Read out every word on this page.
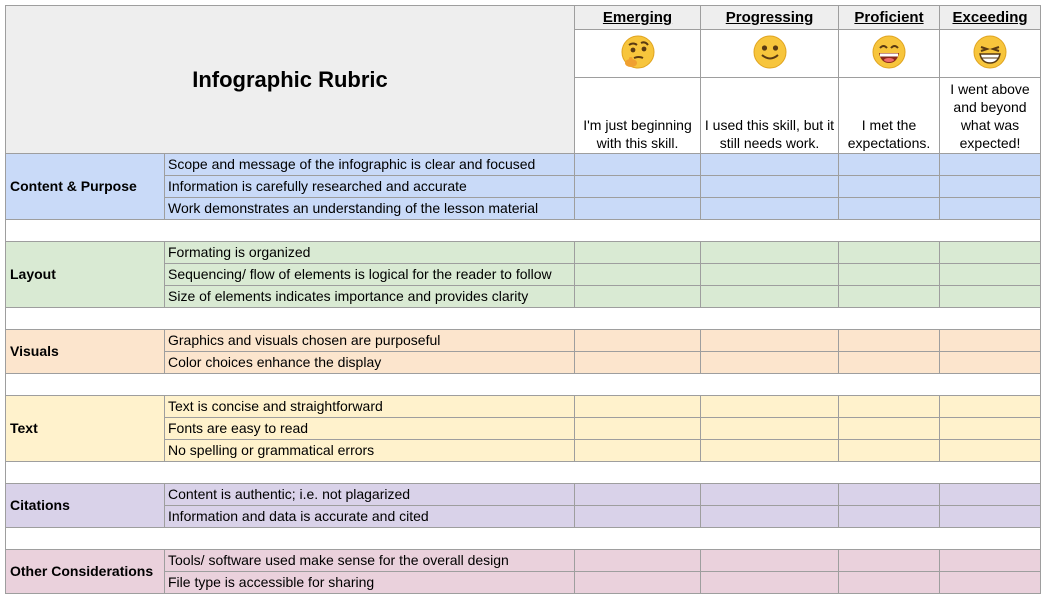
Infographic Rubric		Emerging	Progressing	Proficient	Exceeding

		I'm just beginning with this skill.	I used this skill, but it still needs work.	I met the expectations.	I went above and beyond what was expected!
Content & Purpose	Scope and message of the infographic is clear and focused				
	Information is carefully researched and accurate				
	Work demonstrates an understanding of the lesson material				

Layout	Formating is organized				
	Sequencing/ flow of elements is logical for the reader to follow				
	Size of elements indicates importance and provides clarity				

Visuals	Graphics and visuals chosen are purposeful				
	Color choices enhance the display				

Text	Text is concise and straightforward				
	Fonts are easy to read				
	No spelling or grammatical errors				

Citations	Content is authentic; i.e. not plagarized				
	Information and data is accurate and cited				

Other Considerations	Tools/ software used make sense for the overall design				
	File type is accessible for sharing				
